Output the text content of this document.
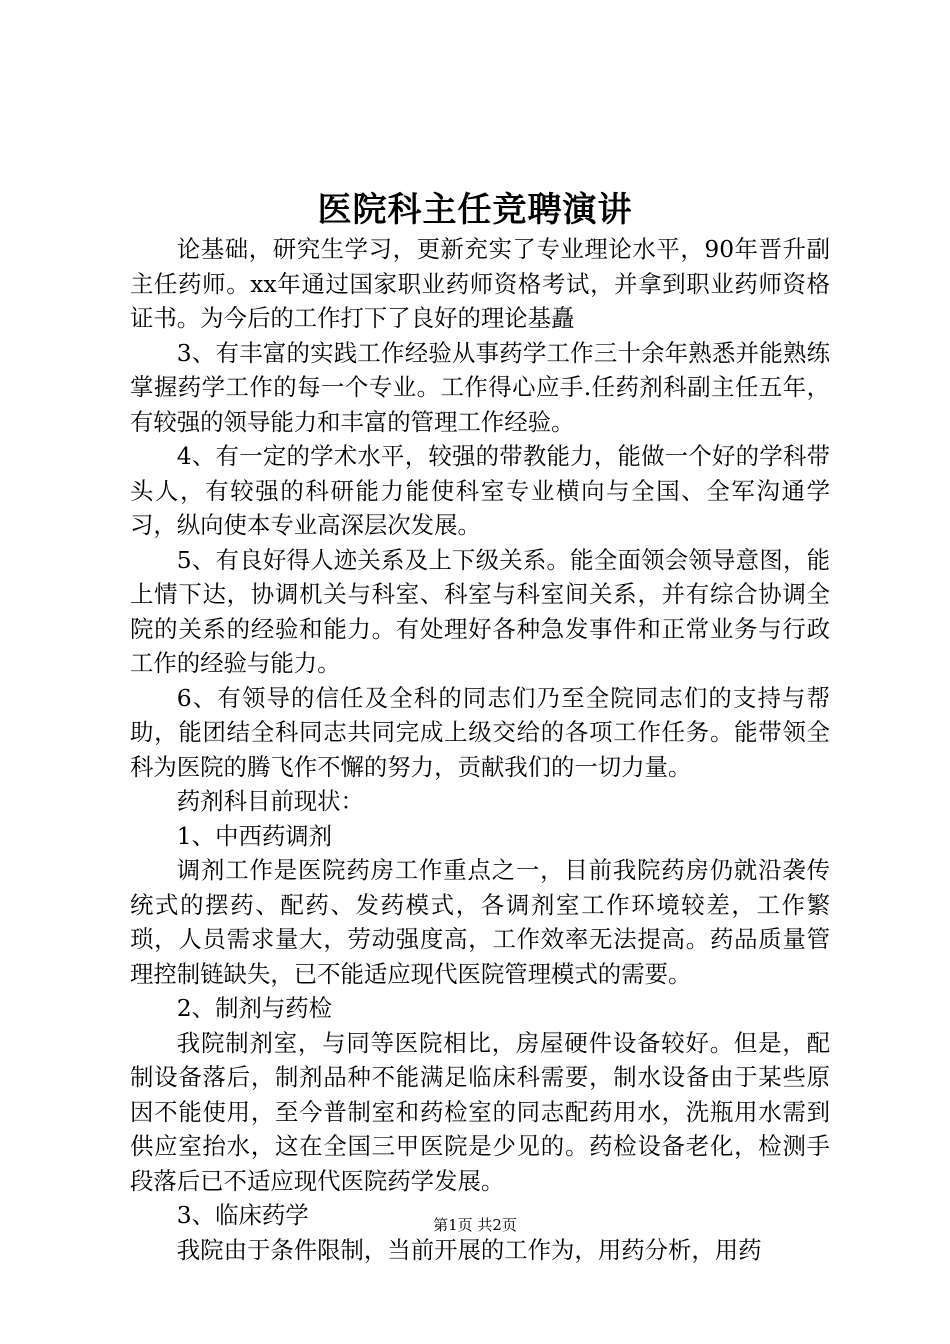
医院科主任竞聘演讲

论基础，研究生学习，更新充实了专业理论水平，90年晋升副主任药师。xx年通过国家职业药师资格考试，并拿到职业药师资格证书。为今后的工作打下了良好的理论基矗

3、有丰富的实践工作经验从事药学工作三十余年熟悉并能熟练掌握药学工作的每一个专业。工作得心应手.任药剂科副主任五年，有较强的领导能力和丰富的管理工作经验。

4、有一定的学术水平，较强的带教能力，能做一个好的学科带头人，有较强的科研能力能使科室专业横向与全国、全军沟通学习，纵向使本专业高深层次发展。

5、有良好得人迹关系及上下级关系。能全面领会领导意图，能上情下达，协调机关与科室、科室与科室间关系，并有综合协调全院的关系的经验和能力。有处理好各种急发事件和正常业务与行政工作的经验与能力。

6、有领导的信任及全科的同志们乃至全院同志们的支持与帮助，能团结全科同志共同完成上级交给的各项工作任务。能带领全科为医院的腾飞作不懈的努力，贡献我们的一切力量。

药剂科目前现状：

1、中西药调剂

调剂工作是医院药房工作重点之一，目前我院药房仍就沿袭传统式的摆药、配药、发药模式，各调剂室工作环境较差，工作繁琐，人员需求量大，劳动强度高，工作效率无法提高。药品质量管理控制链缺失，已不能适应现代医院管理模式的需要。

2、制剂与药检

我院制剂室，与同等医院相比，房屋硬件设备较好。但是，配制设备落后，制剂品种不能满足临床科需要，制水设备由于某些原因不能使用，至今普制室和药检室的同志配药用水，洗瓶用水需到供应室抬水，这在全国三甲医院是少见的。药检设备老化，检测手段落后已不适应现代医院药学发展。

3、临床药学

我院由于条件限制，当前开展的工作为，用药分析，用药

第1页 共2页
